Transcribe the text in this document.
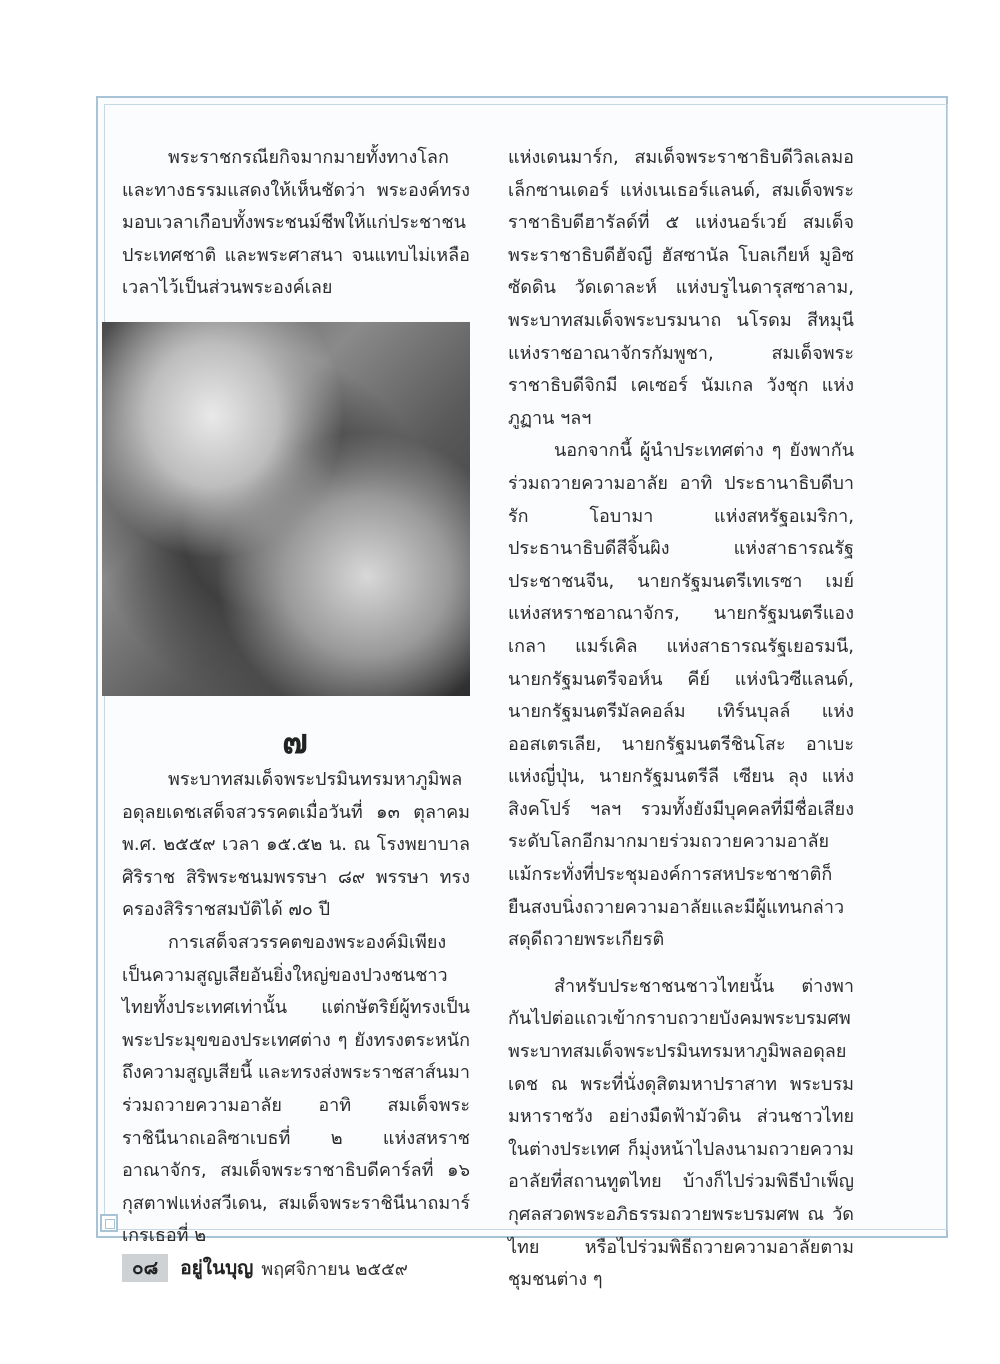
พระราชกรณียกิจมากมายทั้งทางโลกและทางธรรมแสดงให้เห็นชัดว่า พระองค์ทรงมอบเวลาเกือบทั้งพระชนม์ชีพให้แก่ประชาชน ประเทศชาติ และพระศาสนา จนแทบไม่เหลือเวลาไว้เป็นส่วนพระองค์เลย

๗

พระบาทสมเด็จพระปรมินทรมหาภูมิพลอดุลยเดชเสด็จสวรรคตเมื่อวันที่ ๑๓ ตุลาคม พ.ศ. ๒๕๕๙ เวลา ๑๕.๕๒ น. ณ โรงพยาบาลศิริราช สิริพระชนมพรรษา ๘๙ พรรษา ทรงครองสิริราชสมบัติได้ ๗๐ ปี

การเสด็จสวรรคตของพระองค์มิเพียงเป็นความสูญเสียอันยิ่งใหญ่ของปวงชนชาวไทยทั้งประเทศเท่านั้น แต่กษัตริย์ผู้ทรงเป็นพระประมุขของประเทศต่าง ๆ ยังทรงตระหนักถึงความสูญเสียนี้ และทรงส่งพระราชสาส์นมาร่วมถวายความอาลัย อาทิ สมเด็จพระราชินีนาถเอลิซาเบธที่ ๒ แห่งสหราชอาณาจักร, สมเด็จพระราชาธิบดีคาร์ลที่ ๑๖ กุสตาฟแห่งสวีเดน, สมเด็จพระราชินีนาถมาร์เกรเธอที่ ๒

แห่งเดนมาร์ก, สมเด็จพระราชาธิบดีวิลเลมอเล็กซานเดอร์ แห่งเนเธอร์แลนด์, สมเด็จพระราชาธิบดีฮารัลด์ที่ ๕ แห่งนอร์เวย์ สมเด็จพระราชาธิบดีฮัจญี ฮัสซานัล โบลเกียห์ มูอิซซัดดิน วัดเดาละห์ แห่งบรูไนดารุสซาลาม, พระบาทสมเด็จพระบรมนาถ นโรดม สีหมุนี แห่งราชอาณาจักรกัมพูชา, สมเด็จพระราชาธิบดีจิกมี เคเซอร์ นัมเกล วังชุก แห่งภูฏาน ฯลฯ

นอกจากนี้ ผู้นำประเทศต่าง ๆ ยังพากันร่วมถวายความอาลัย อาทิ ประธานาธิบดีบารัก โอบามา แห่งสหรัฐอเมริกา, ประธานาธิบดีสีจิ้นผิง แห่งสาธารณรัฐประชาชนจีน, นายกรัฐมนตรีเทเรซา เมย์ แห่งสหราชอาณาจักร, นายกรัฐมนตรีแองเกลา แมร์เคิล แห่งสาธารณรัฐเยอรมนี, นายกรัฐมนตรีจอห์น คีย์ แห่งนิวซีแลนด์, นายกรัฐมนตรีมัลคอล์ม เทิร์นบุลล์ แห่งออสเตรเลีย, นายกรัฐมนตรีชินโสะ อาเบะ แห่งญี่ปุ่น, นายกรัฐมนตรีลี เซียน ลุง แห่งสิงคโปร์ ฯลฯ รวมทั้งยังมีบุคคลที่มีชื่อเสียงระดับโลกอีกมากมายร่วมถวายความอาลัย แม้กระทั่งที่ประชุมองค์การสหประชาชาติก็ยืนสงบนิ่งถวายความอาลัยและมีผู้แทนกล่าวสดุดีถวายพระเกียรติ

สำหรับประชาชนชาวไทยนั้น ต่างพากันไปต่อแถวเข้ากราบถวายบังคมพระบรมศพพระบาทสมเด็จพระปรมินทรมหาภูมิพลอดุลยเดช ณ พระที่นั่งดุสิตมหาปราสาท พระบรมมหาราชวัง อย่างมืดฟ้ามัวดิน ส่วนชาวไทยในต่างประเทศ ก็มุ่งหน้าไปลงนามถวายความอาลัยที่สถานทูตไทย บ้างก็ไปร่วมพิธีบำเพ็ญกุศลสวดพระอภิธรรมถวายพระบรมศพ ณ วัดไทย หรือไปร่วมพิธีถวายความอาลัยตามชุมชนต่าง ๆ

๐๘	อยู่ในบุญ พฤศจิกายน ๒๕๕๙
